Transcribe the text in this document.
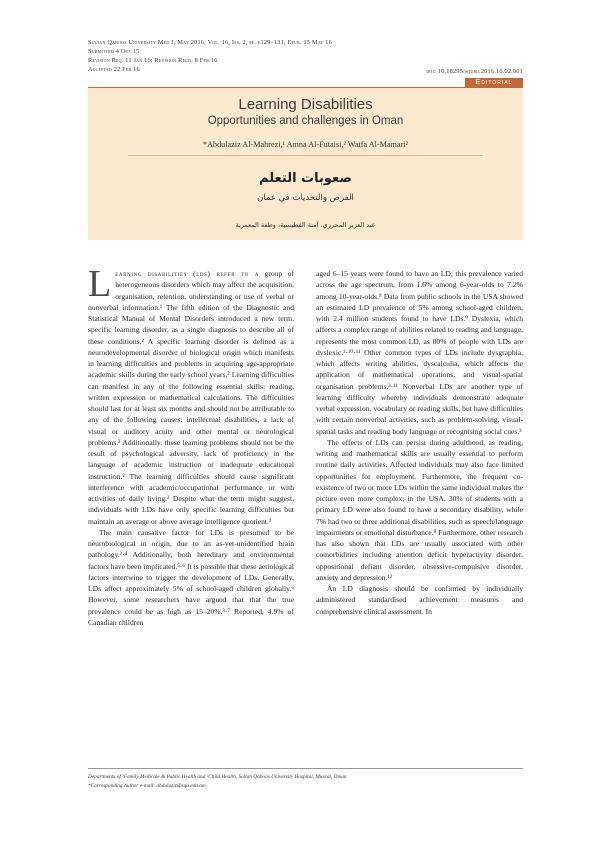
Sultan Qaboos University Med J, May 2016, Vol. 16, Iss. 2, pp. e129–131, Epub. 15 May 16
Submitted 4 Oct 15
Revision Req. 11 Jan 16; Revision Recd. 8 Feb 16
Accepted 22 Feb 16	doi: 10.18295/squmj.2016.16.02.001
Editorial
Learning Disabilities
Opportunities and challenges in Oman
*Abdulaziz Al-Mahrezi,¹ Amna Al-Futaisi,² Watfa Al-Mamari²
صعوبات التعلم
الفرص والتحديات في عمان
عبد العزيز المحرزي، آمنة الفطيسية، وطفة المعمرية

Learning disabilities (lds) refer to a group of heterogeneous disorders which may affect the acquisition, organisation, retention, understanding or use of verbal or nonverbal information.¹ The fifth edition of the Diagnostic and Statistical Manual of Mental Disorders introduced a new term, specific learning disorder, as a single diagnosis to describe all of these conditions.² A specific learning disorder is defined as a neurodevelopmental disorder of biological origin which manifests in learning difficulties and problems in acquiring age-appropriate academic skills during the early school years.² Learning difficulties can manifest in any of the following essential skills: reading, written expression or mathematical calculations. The difficulties should last for at least six months and should not be attributable to any of the following causes: intellectual disabilities, a lack of visual or auditory acuity and other mental or neurological problems.² Additionally, these learning problems should not be the result of psychological adversity, lack of proficiency in the language of academic instruction or inadequate educational instruction.² The learning difficulties should cause significant interference with academic/occupational performance or with activities of daily living.² Despite what the term might suggest, individuals with LDs have only specific learning difficulties but maintain an average or above average intelligence quotient.³

The main causative factor for LDs is presumed to be neurobiological in origin, due to an as-yet-unidentified brain pathology.³·⁴ Additionally, both hereditary and environmental factors have been implicated.⁵·⁶ It is possible that these aetiological factors intertwine to trigger the development of LDs. Generally, LDs affect approximately 5% of school-aged children globally.⁶ However, some researchers have argued that that the true prevalence could be as high as 15–20%.³·⁷ Reported, 4.9% of Canadian children

aged 6–15 years were found to have an LD; this prevalence varied across the age spectrum, from 1.6% among 6-year-olds to 7.2% among 10-year-olds.⁸ Data from public schools in the USA showed an estimated LD prevalence of 5% among school-aged children, with 2.4 million students found to have LDs.⁹ Dyslexia, which affects a complex range of abilities related to reading and language, represents the most common LD, as 80% of people with LDs are dyslexic.³·¹⁰·¹¹ Other common types of LDs include dysgraphia, which affects writing abilities, dyscalculia, which affects the application of mathematical operations, and visual-spatial organisation problems.³·¹¹ Nonverbal LDs are another type of learning difficulty whereby individuals demonstrate adequate verbal expression, vocabulary or reading skills, but have difficulties with certain nonverbal activities, such as problem-solving, visual-spatial tasks and reading body language or recognising social cues.³

The effects of LDs can persist during adulthood, as reading, writing and mathematical skills are usually essential to perform routine daily activities. Affected individuals may also face limited opportunities for employment. Furthermore, the frequent co-existence of two or more LDs within the same individual makes the picture even more complex; in the USA, 30% of students with a primary LD were also found to have a secondary disability, while 7% had two or three additional disabilities, such as speech/language impairments or emotional disturbance.⁹ Furthermore, other research has also shown that LDs are usually associated with other comorbidities including attention deficit hyperactivity disorder, oppositional defiant disorder, obsessive-compulsive disorder, anxiety and depression.¹²

An LD diagnosis should be confirmed by individually administered standardised achievement measures and comprehensive clinical assessment. In

Departments of ¹Family Medicine & Public Health and ²Child Health, Sultan Qaboos University Hospital, Muscat, Oman
*Corresponding Author e-mail: abdulaziz@squ.edu.om
